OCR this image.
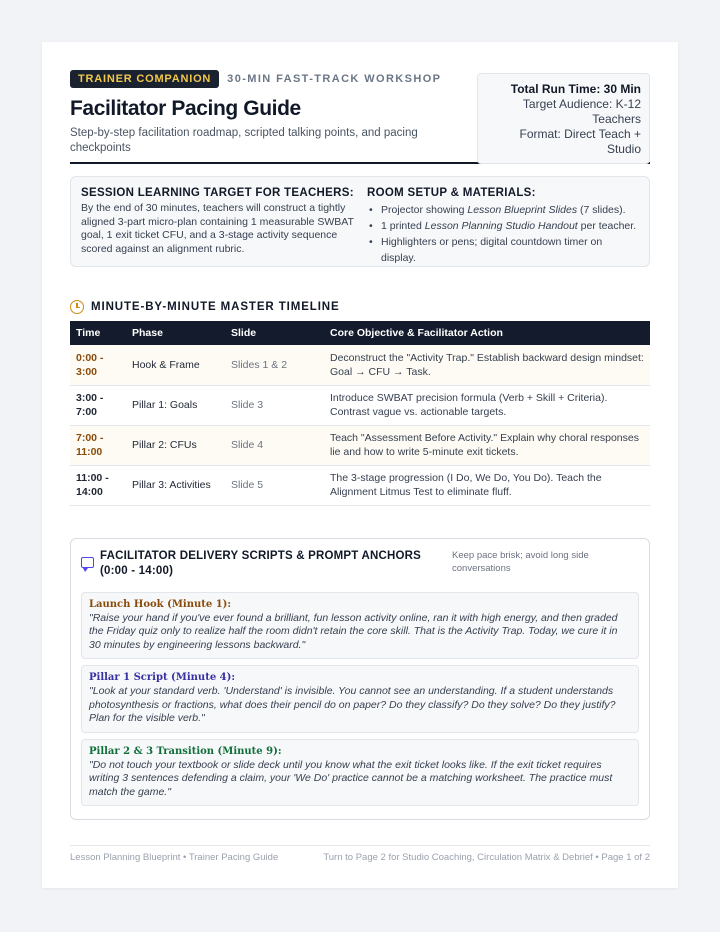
TRAINER COMPANION	30-MIN FAST-TRACK WORKSHOP
Facilitator Pacing Guide
Step-by-step facilitation roadmap, scripted talking points, and pacing checkpoints
Total Run Time: 30 Min
Target Audience: K-12 Teachers
Format: Direct Teach + Studio
SESSION LEARNING TARGET FOR TEACHERS:

By the end of 30 minutes, teachers will construct a tightly aligned 3-part micro-plan containing 1 measurable SWBAT goal, 1 exit ticket CFU, and a 3-stage activity sequence scored against an alignment rubric.

ROOM SETUP & MATERIALS:
• Projector showing Lesson Blueprint Slides (7 slides).
• 1 printed Lesson Planning Studio Handout per teacher.
• Highlighters or pens; digital countdown timer on display.
MINUTE-BY-MINUTE MASTER TIMELINE
Time	Phase	Slide	Core Objective & Facilitator Action
0:00 - 3:00	Hook & Frame	Slides 1 & 2	Deconstruct the "Activity Trap." Establish backward design mindset: Goal → CFU → Task.
3:00 - 7:00	Pillar 1: Goals	Slide 3	Introduce SWBAT precision formula (Verb + Skill + Criteria). Contrast vague vs. actionable targets.
7:00 - 11:00	Pillar 2: CFUs	Slide 4	Teach "Assessment Before Activity." Explain why choral responses lie and how to write 5-minute exit tickets.
11:00 - 14:00	Pillar 3: Activities	Slide 5	The 3-stage progression (I Do, We Do, You Do). Teach the Alignment Litmus Test to eliminate fluff.
FACILITATOR DELIVERY SCRIPTS & PROMPT ANCHORS (0:00 - 14:00)
Keep pace brisk; avoid long side conversations
Launch Hook (Minute 1):
"Raise your hand if you've ever found a brilliant, fun lesson activity online, ran it with high energy, and then graded the Friday quiz only to realize half the room didn't retain the core skill. That is the Activity Trap. Today, we cure it in 30 minutes by engineering lessons backward."
Pillar 1 Script (Minute 4):
"Look at your standard verb. 'Understand' is invisible. You cannot see an understanding. If a student understands photosynthesis or fractions, what does their pencil do on paper? Do they classify? Do they solve? Do they justify? Plan for the visible verb."
Pillar 2 & 3 Transition (Minute 9):
"Do not touch your textbook or slide deck until you know what the exit ticket looks like. If the exit ticket requires writing 3 sentences defending a claim, your 'We Do' practice cannot be a matching worksheet. The practice must match the game."
Lesson Planning Blueprint • Trainer Pacing Guide	Turn to Page 2 for Studio Coaching, Circulation Matrix & Debrief • Page 1 of 2
